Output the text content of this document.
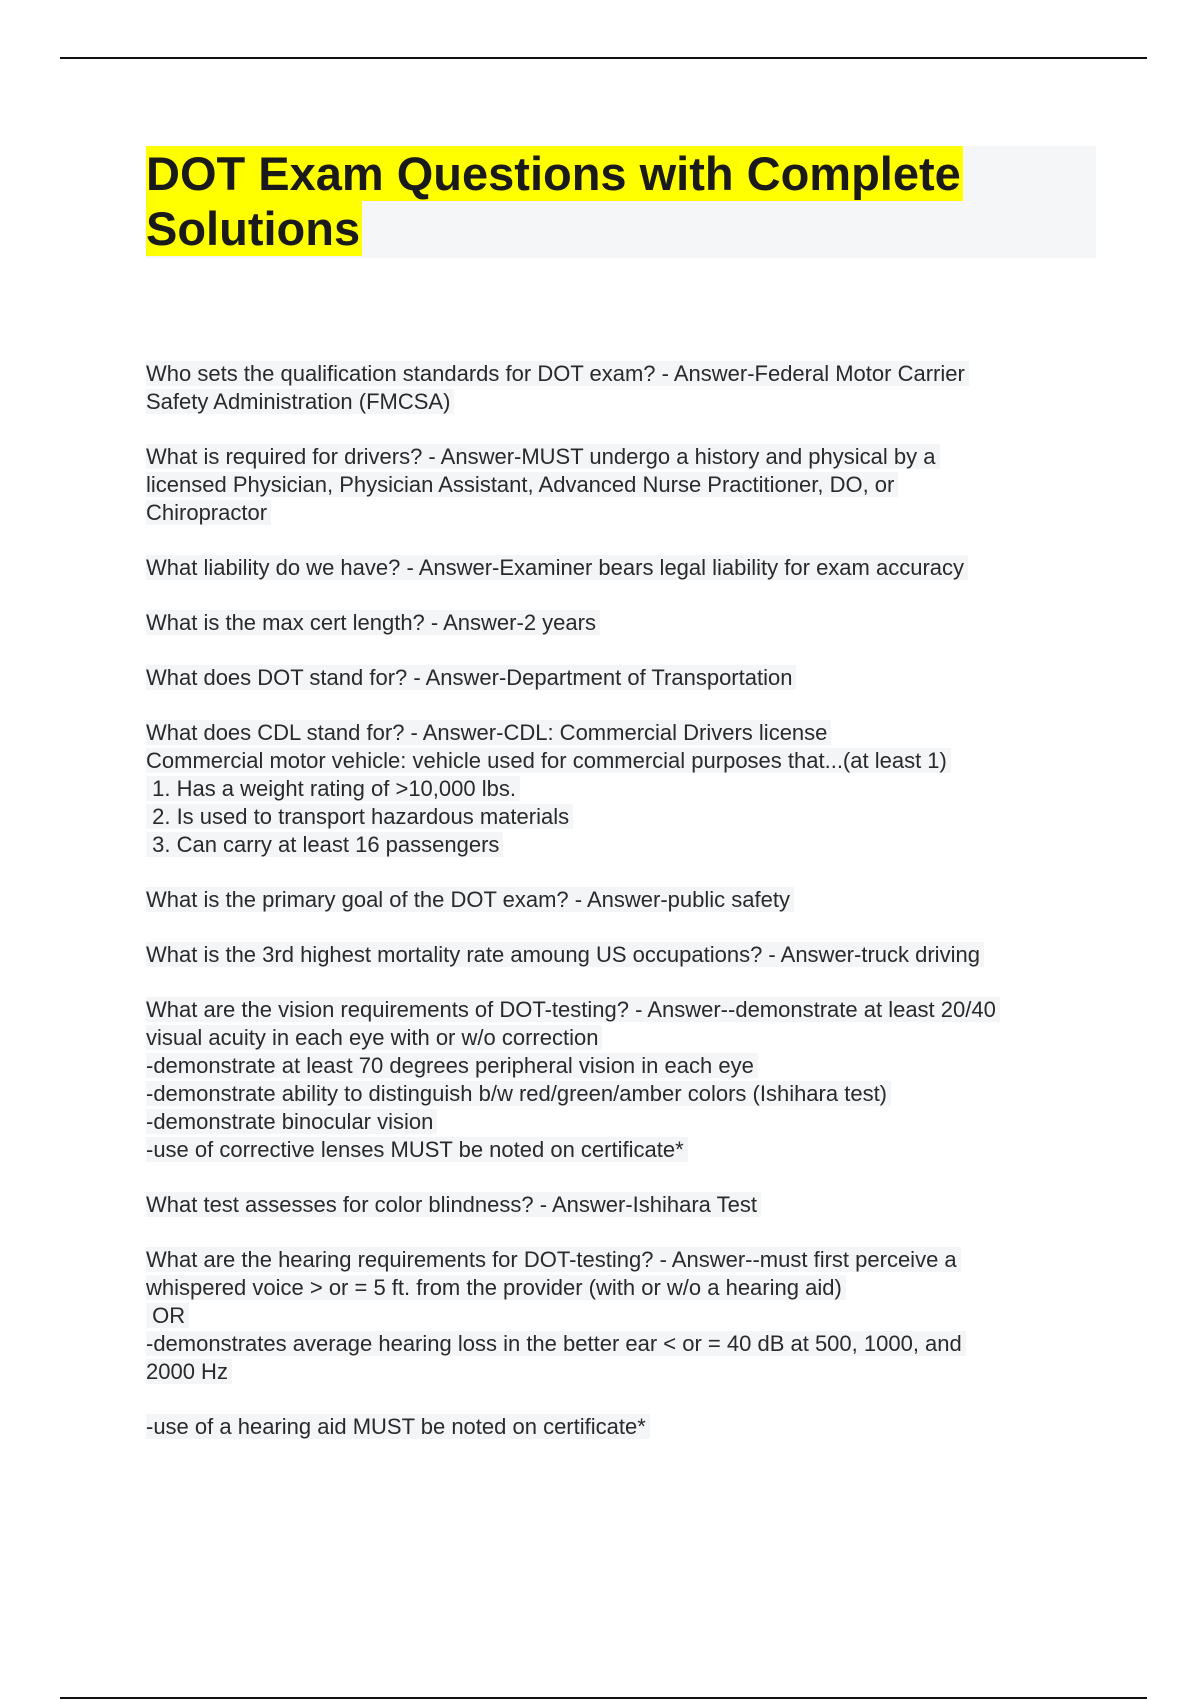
DOT Exam Questions with Complete
Solutions
Who sets the qualification standards for DOT exam? - Answer-Federal Motor Carrier
Safety Administration (FMCSA)
What is required for drivers? - Answer-MUST undergo a history and physical by a
licensed Physician, Physician Assistant, Advanced Nurse Practitioner, DO, or
Chiropractor
What liability do we have? - Answer-Examiner bears legal liability for exam accuracy
What is the max cert length? - Answer-2 years
What does DOT stand for? - Answer-Department of Transportation
What does CDL stand for? - Answer-CDL: Commercial Drivers license
Commercial motor vehicle: vehicle used for commercial purposes that...(at least 1)
1. Has a weight rating of >10,000 lbs.
2. Is used to transport hazardous materials
3. Can carry at least 16 passengers
What is the primary goal of the DOT exam? - Answer-public safety
What is the 3rd highest mortality rate amoung US occupations? - Answer-truck driving
What are the vision requirements of DOT-testing? - Answer--demonstrate at least 20/40
visual acuity in each eye with or w/o correction
-demonstrate at least 70 degrees peripheral vision in each eye
-demonstrate ability to distinguish b/w red/green/amber colors (Ishihara test)
-demonstrate binocular vision
-use of corrective lenses MUST be noted on certificate*
What test assesses for color blindness? - Answer-Ishihara Test
What are the hearing requirements for DOT-testing? - Answer--must first perceive a
whispered voice > or = 5 ft. from the provider (with or w/o a hearing aid)
OR
-demonstrates average hearing loss in the better ear < or = 40 dB at 500, 1000, and
2000 Hz
-use of a hearing aid MUST be noted on certificate*
